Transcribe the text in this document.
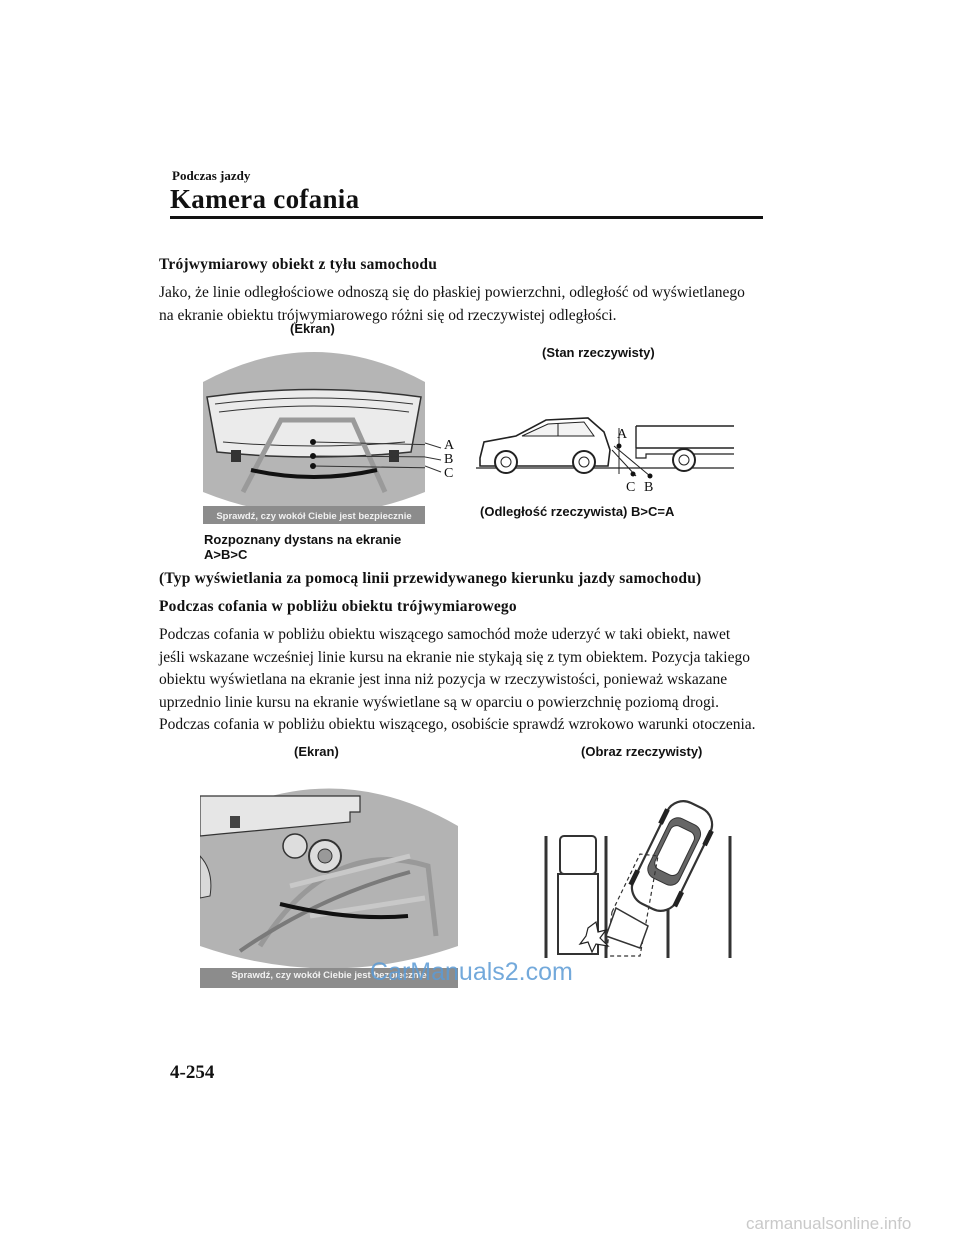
Podczas jazdy
Kamera cofania
Trójwymiarowy obiekt z tyłu samochodu
Jako, że linie odległościowe odnoszą się do płaskiej powierzchni, odległość od wyświetlanego na ekranie obiektu trójwymiarowego różni się od rzeczywistej odległości.
(Ekran)
Sprawdź, czy wokół Ciebie jest bezpiecznie
A
B
C
Rozpoznany dystans na ekranie
A>B>C
(Stan rzeczywisty)
A
C B
(Odległość rzeczywista) B>C=A
(Typ wyświetlania za pomocą linii przewidywanego kierunku jazdy samochodu)
Podczas cofania w pobliżu obiektu trójwymiarowego
Podczas cofania w pobliżu obiektu wiszącego samochód może uderzyć w taki obiekt, nawet jeśli wskazane wcześniej linie kursu na ekranie nie stykają się z tym obiektem. Pozycja takiego obiektu wyświetlana na ekranie jest inna niż pozycja w rzeczywistości, ponieważ wskazane uprzednio linie kursu na ekranie wyświetlane są w oparciu o powierzchnię poziomą drogi. Podczas cofania w pobliżu obiektu wiszącego, osobiście sprawdź wzrokowo warunki otoczenia.
(Ekran)	(Obraz rzeczywisty)
Sprawdź, czy wokół Ciebie jest bezpiecznie
4-254
CarManuals2.com
carmanualsonline.info
